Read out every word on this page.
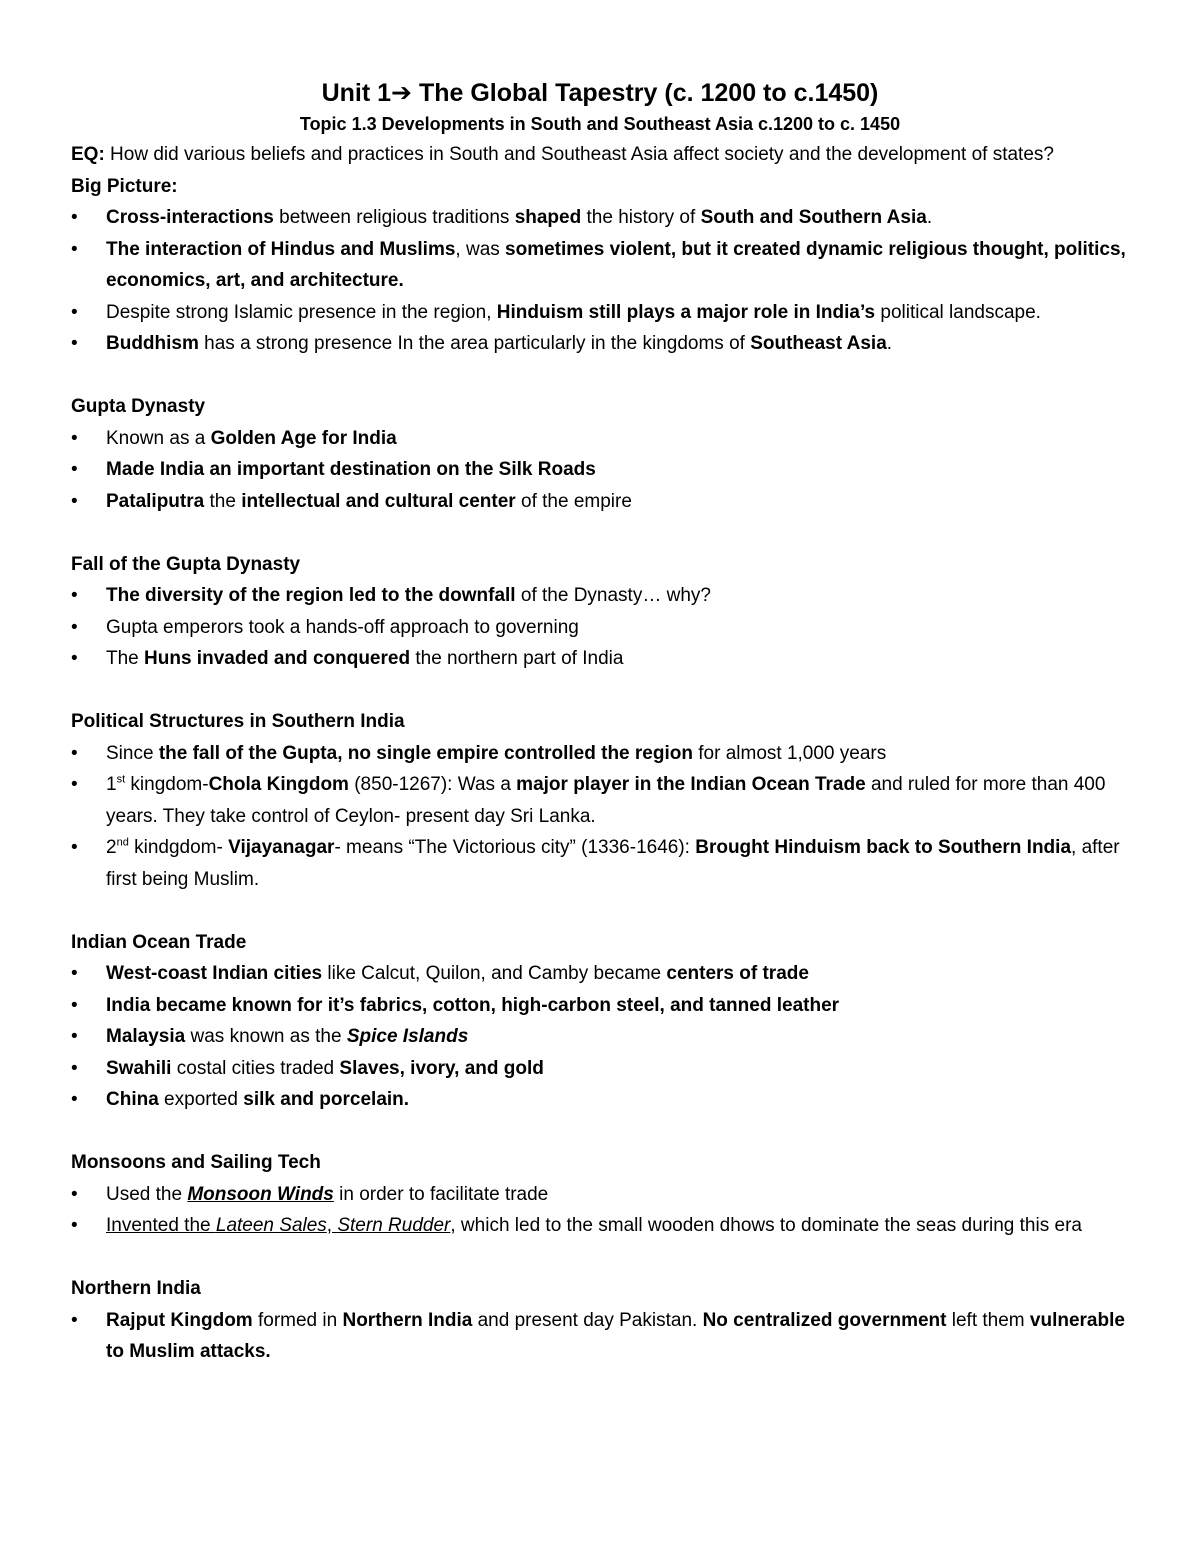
Unit 1➔ The Global Tapestry (c. 1200 to c.1450)
Topic 1.3 Developments in South and Southeast Asia c.1200 to c. 1450

EQ: How did various beliefs and practices in South and Southeast Asia affect society and the development of states?

Big Picture:

•	Cross-interactions between religious traditions shaped the history of South and Southern Asia.
•	The interaction of Hindus and Muslims, was sometimes violent, but it created dynamic religious thought, politics, economics, art, and architecture.
•	Despite strong Islamic presence in the region, Hinduism still plays a major role in India’s political landscape.
•	Buddhism has a strong presence In the area particularly in the kingdoms of Southeast Asia.

Gupta Dynasty

•	Known as a Golden Age for India
•	Made India an important destination on the Silk Roads
•	Pataliputra the intellectual and cultural center of the empire

Fall of the Gupta Dynasty

•	The diversity of the region led to the downfall of the Dynasty… why?
•	Gupta emperors took a hands-off approach to governing
•	The Huns invaded and conquered the northern part of India

Political Structures in Southern India

•	Since the fall of the Gupta, no single empire controlled the region for almost 1,000 years
•	1st kingdom-Chola Kingdom (850-1267): Was a major player in the Indian Ocean Trade and ruled for more than 400 years. They take control of Ceylon- present day Sri Lanka.
•	2nd kindgdom- Vijayanagar- means “The Victorious city” (1336-1646): Brought Hinduism back to Southern India, after first being Muslim.

Indian Ocean Trade

•	West-coast Indian cities like Calcut, Quilon, and Camby became centers of trade
•	India became known for it’s fabrics, cotton, high-carbon steel, and tanned leather
•	Malaysia was known as the Spice Islands
•	Swahili costal cities traded Slaves, ivory, and gold
•	China exported silk and porcelain.

Monsoons and Sailing Tech

•	Used the Monsoon Winds in order to facilitate trade
•	Invented the Lateen Sales, Stern Rudder, which led to the small wooden dhows to dominate the seas during this era

Northern India

•	Rajput Kingdom formed in Northern India and present day Pakistan. No centralized government left them vulnerable to Muslim attacks.
